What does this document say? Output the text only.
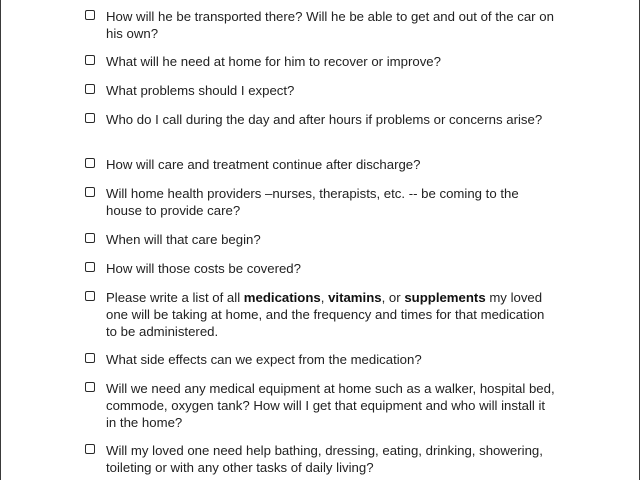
How will he be transported there? Will he be able to get and out of the car on his own?
What will he need at home for him to recover or improve?
What problems should I expect?
Who do I call during the day and after hours if problems or concerns arise?
How will care and treatment continue after discharge?
Will home health providers –nurses, therapists, etc. -- be coming to the house to provide care?
When will that care begin?
How will those costs be covered?
Please write a list of all medications, vitamins, or supplements my loved one will be taking at home, and the frequency and times for that medication to be administered.
What side effects can we expect from the medication?
Will we need any medical equipment at home such as a walker, hospital bed, commode, oxygen tank? How will I get that equipment and who will install it in the home?
Will my loved one need help bathing, dressing, eating, drinking, showering, toileting or with any other tasks of daily living?
